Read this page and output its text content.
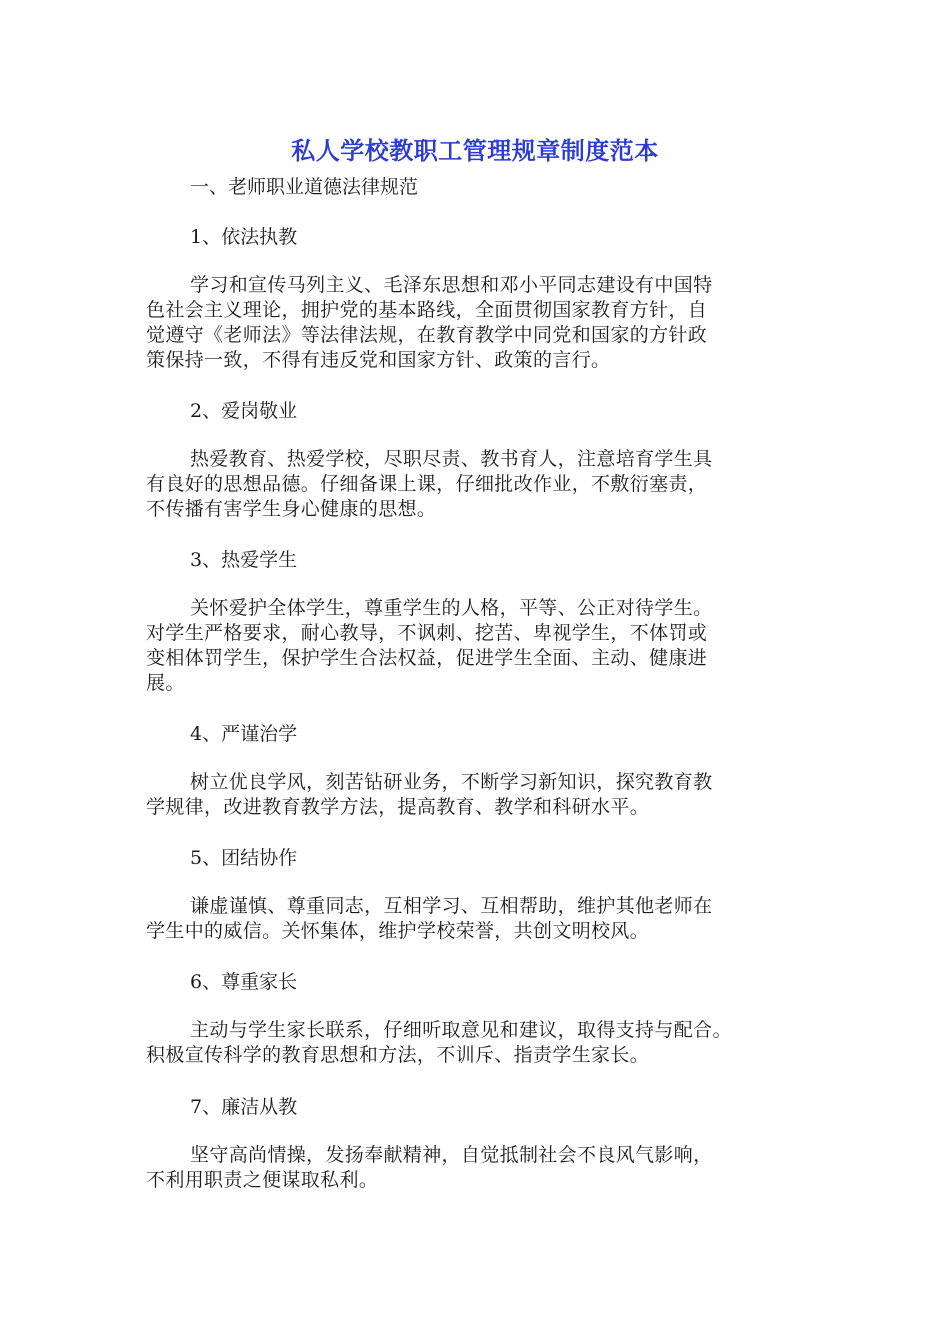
私人学校教职工管理规章制度范本
一、老师职业道德法律规范
1、依法执教
学习和宣传马列主义、毛泽东思想和邓小平同志建设有中国特
色社会主义理论，拥护党的基本路线，全面贯彻国家教育方针，自
觉遵守《老师法》等法律法规，在教育教学中同党和国家的方针政
策保持一致，不得有违反党和国家方针、政策的言行。
2、爱岗敬业
热爱教育、热爱学校，尽职尽责、教书育人，注意培育学生具
有良好的思想品德。仔细备课上课，仔细批改作业，不敷衍塞责，
不传播有害学生身心健康的思想。
3、热爱学生
关怀爱护全体学生，尊重学生的人格，平等、公正对待学生。
对学生严格要求，耐心教导，不讽刺、挖苦、卑视学生，不体罚或
变相体罚学生，保护学生合法权益，促进学生全面、主动、健康进
展。
4、严谨治学
树立优良学风，刻苦钻研业务，不断学习新知识，探究教育教
学规律，改进教育教学方法，提高教育、教学和科研水平。
5、团结协作
谦虚谨慎、尊重同志，互相学习、互相帮助，维护其他老师在
学生中的威信。关怀集体，维护学校荣誉，共创文明校风。
6、尊重家长
主动与学生家长联系，仔细听取意见和建议，取得支持与配合。
积极宣传科学的教育思想和方法，不训斥、指责学生家长。
7、廉洁从教
坚守高尚情操，发扬奉献精神，自觉抵制社会不良风气影响，
不利用职责之便谋取私利。
